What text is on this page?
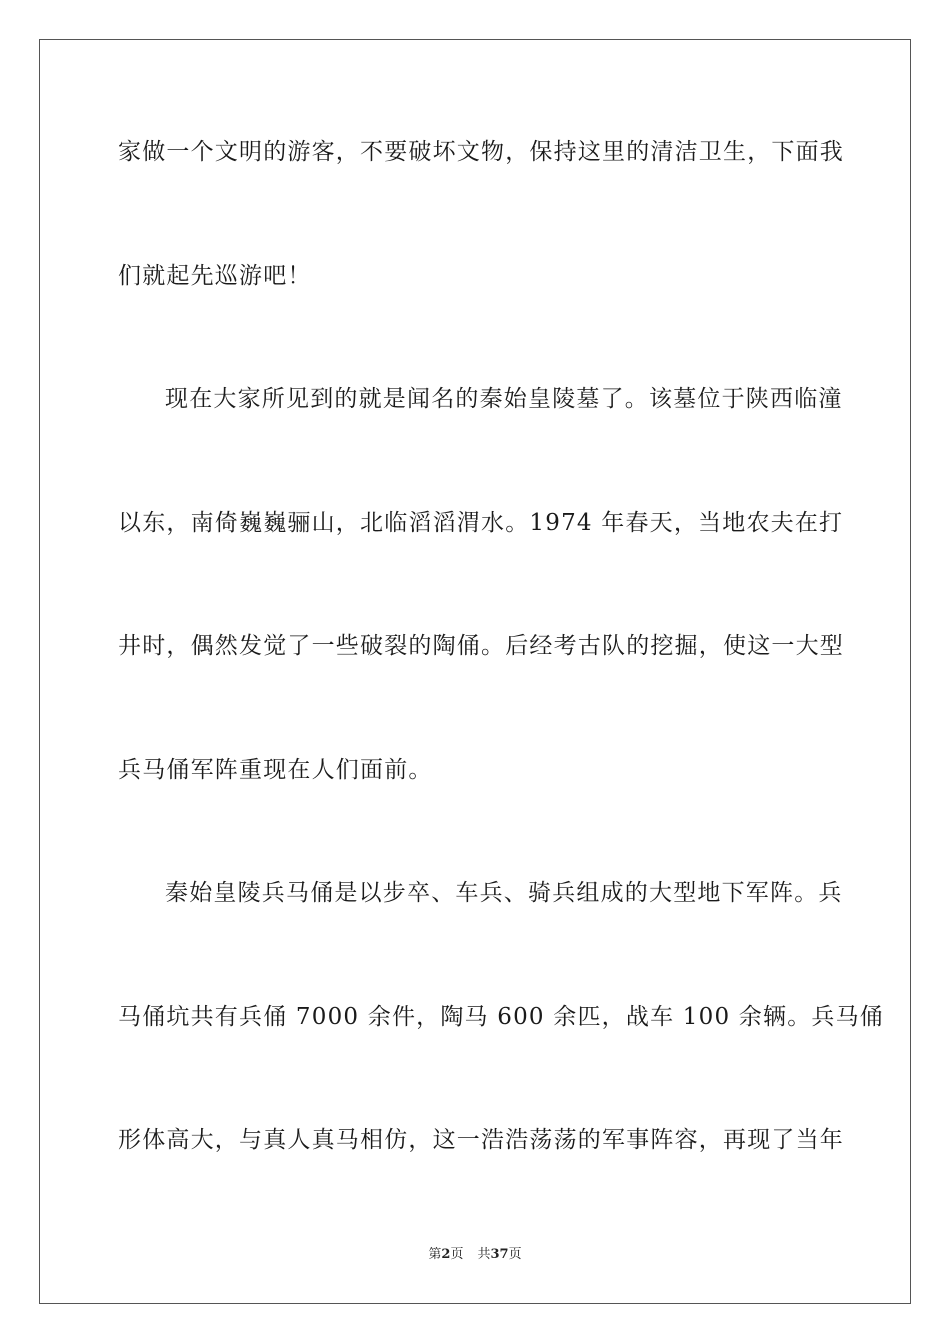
家做一个文明的游客，不要破坏文物，保持这里的清洁卫生，下面我
们就起先巡游吧！
现在大家所见到的就是闻名的秦始皇陵墓了。该墓位于陕西临潼
以东，南倚巍巍骊山，北临滔滔渭水。1974 年春天，当地农夫在打
井时，偶然发觉了一些破裂的陶俑。后经考古队的挖掘，使这一大型
兵马俑军阵重现在人们面前。
秦始皇陵兵马俑是以步卒、车兵、骑兵组成的大型地下军阵。兵
马俑坑共有兵俑 7000 余件，陶马 600 余匹，战车 100 余辆。兵马俑
形体高大，与真人真马相仿，这一浩浩荡荡的军事阵容，再现了当年
第2页 共37页
